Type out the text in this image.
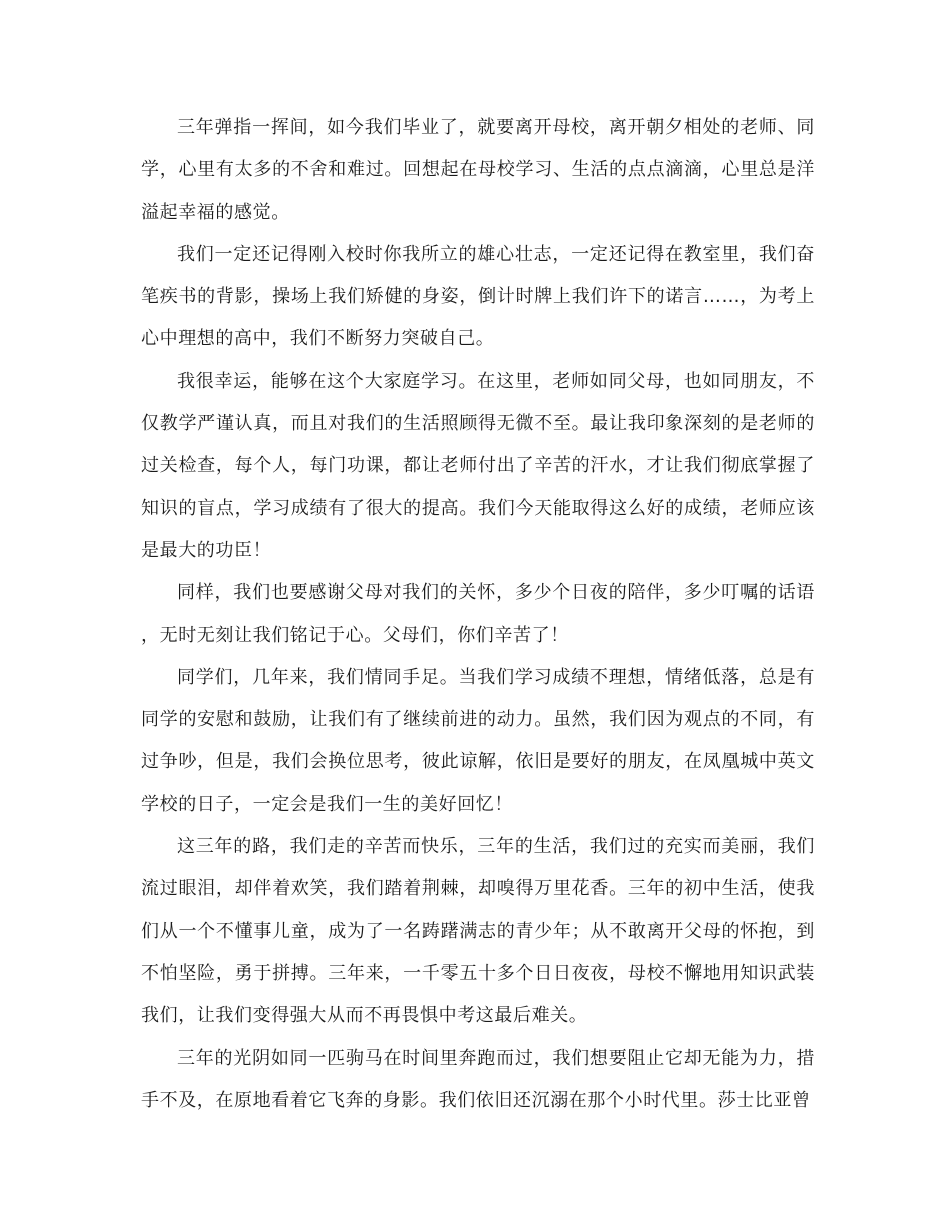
三年弹指一挥间，如今我们毕业了，就要离开母校，离开朝夕相处的老师、同学，心里有太多的不舍和难过。回想起在母校学习、生活的点点滴滴，心里总是洋溢起幸福的感觉。

我们一定还记得刚入校时你我所立的雄心壮志，一定还记得在教室里，我们奋笔疾书的背影，操场上我们矫健的身姿，倒计时牌上我们许下的诺言……，为考上心中理想的高中，我们不断努力突破自己。

我很幸运，能够在这个大家庭学习。在这里，老师如同父母，也如同朋友，不仅教学严谨认真，而且对我们的生活照顾得无微不至。最让我印象深刻的是老师的过关检查，每个人，每门功课，都让老师付出了辛苦的汗水，才让我们彻底掌握了知识的盲点，学习成绩有了很大的提高。我们今天能取得这么好的成绩，老师应该是最大的功臣！

同样，我们也要感谢父母对我们的关怀，多少个日夜的陪伴，多少叮嘱的话语，无时无刻让我们铭记于心。父母们，你们辛苦了！

同学们，几年来，我们情同手足。当我们学习成绩不理想，情绪低落，总是有同学的安慰和鼓励，让我们有了继续前进的动力。虽然，我们因为观点的不同，有过争吵，但是，我们会换位思考，彼此谅解，依旧是要好的朋友，在凤凰城中英文学校的日子，一定会是我们一生的美好回忆！

这三年的路，我们走的辛苦而快乐，三年的生活，我们过的充实而美丽，我们流过眼泪，却伴着欢笑，我们踏着荆棘，却嗅得万里花香。三年的初中生活，使我们从一个不懂事儿童，成为了一名踌躇满志的青少年；从不敢离开父母的怀抱，到不怕坚险，勇于拼搏。三年来，一千零五十多个日日夜夜，母校不懈地用知识武装我们，让我们变得强大从而不再畏惧中考这最后难关。

三年的光阴如同一匹驹马在时间里奔跑而过，我们想要阻止它却无能为力，措手不及，在原地看着它飞奔的身影。我们依旧还沉溺在那个小时代里。莎士比亚曾
